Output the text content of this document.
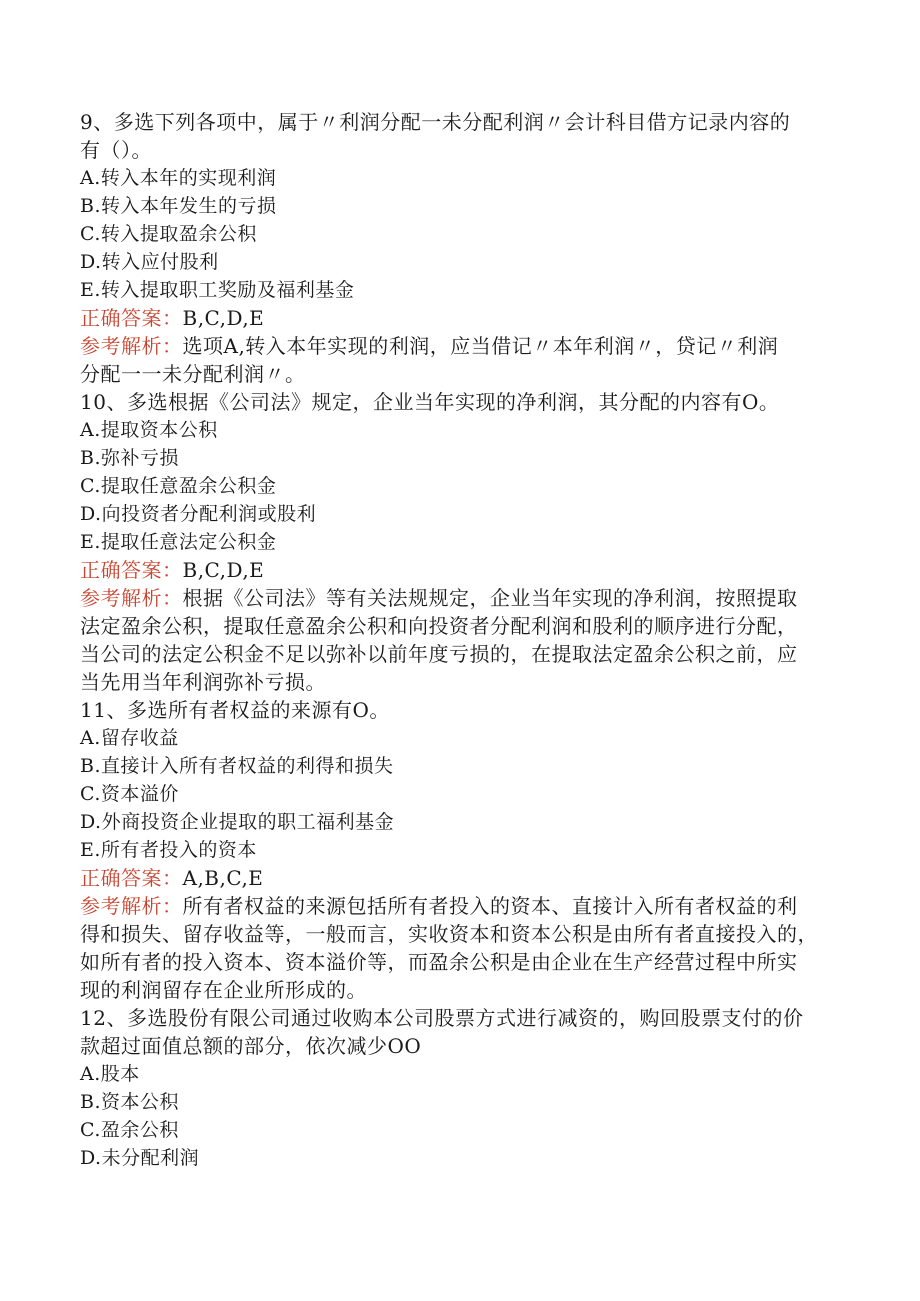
9、多选下列各项中，属于〃利润分配一未分配利润〃会计科目借方记录内容的
有（）。
A.转入本年的实现利润
B.转入本年发生的亏损
C.转入提取盈余公积
D.转入应付股利
E.转入提取职工奖励及福利基金
正确答案：B,C,D,E
参考解析：选项A,转入本年实现的利润，应当借记〃本年利润〃，贷记〃利润
分配一一未分配利润〃。
10、多选根据《公司法》规定，企业当年实现的净利润，其分配的内容有O。
A.提取资本公积
B.弥补亏损
C.提取任意盈余公积金
D.向投资者分配利润或股利
E.提取任意法定公积金
正确答案：B,C,D,E
参考解析：根据《公司法》等有关法规规定，企业当年实现的净利润，按照提取
法定盈余公积，提取任意盈余公积和向投资者分配利润和股利的顺序进行分配，
当公司的法定公积金不足以弥补以前年度亏损的，在提取法定盈余公积之前，应
当先用当年利润弥补亏损。
11、多选所有者权益的来源有O。
A.留存收益
B.直接计入所有者权益的利得和损失
C.资本溢价
D.外商投资企业提取的职工福利基金
E.所有者投入的资本
正确答案：A,B,C,E
参考解析：所有者权益的来源包括所有者投入的资本、直接计入所有者权益的利
得和损失、留存收益等，一般而言，实收资本和资本公积是由所有者直接投入的，
如所有者的投入资本、资本溢价等，而盈余公积是由企业在生产经营过程中所实
现的利润留存在企业所形成的。
12、多选股份有限公司通过收购本公司股票方式进行减资的，购回股票支付的价
款超过面值总额的部分，依次减少OO
A.股本
B.资本公积
C.盈余公积
D.未分配利润
